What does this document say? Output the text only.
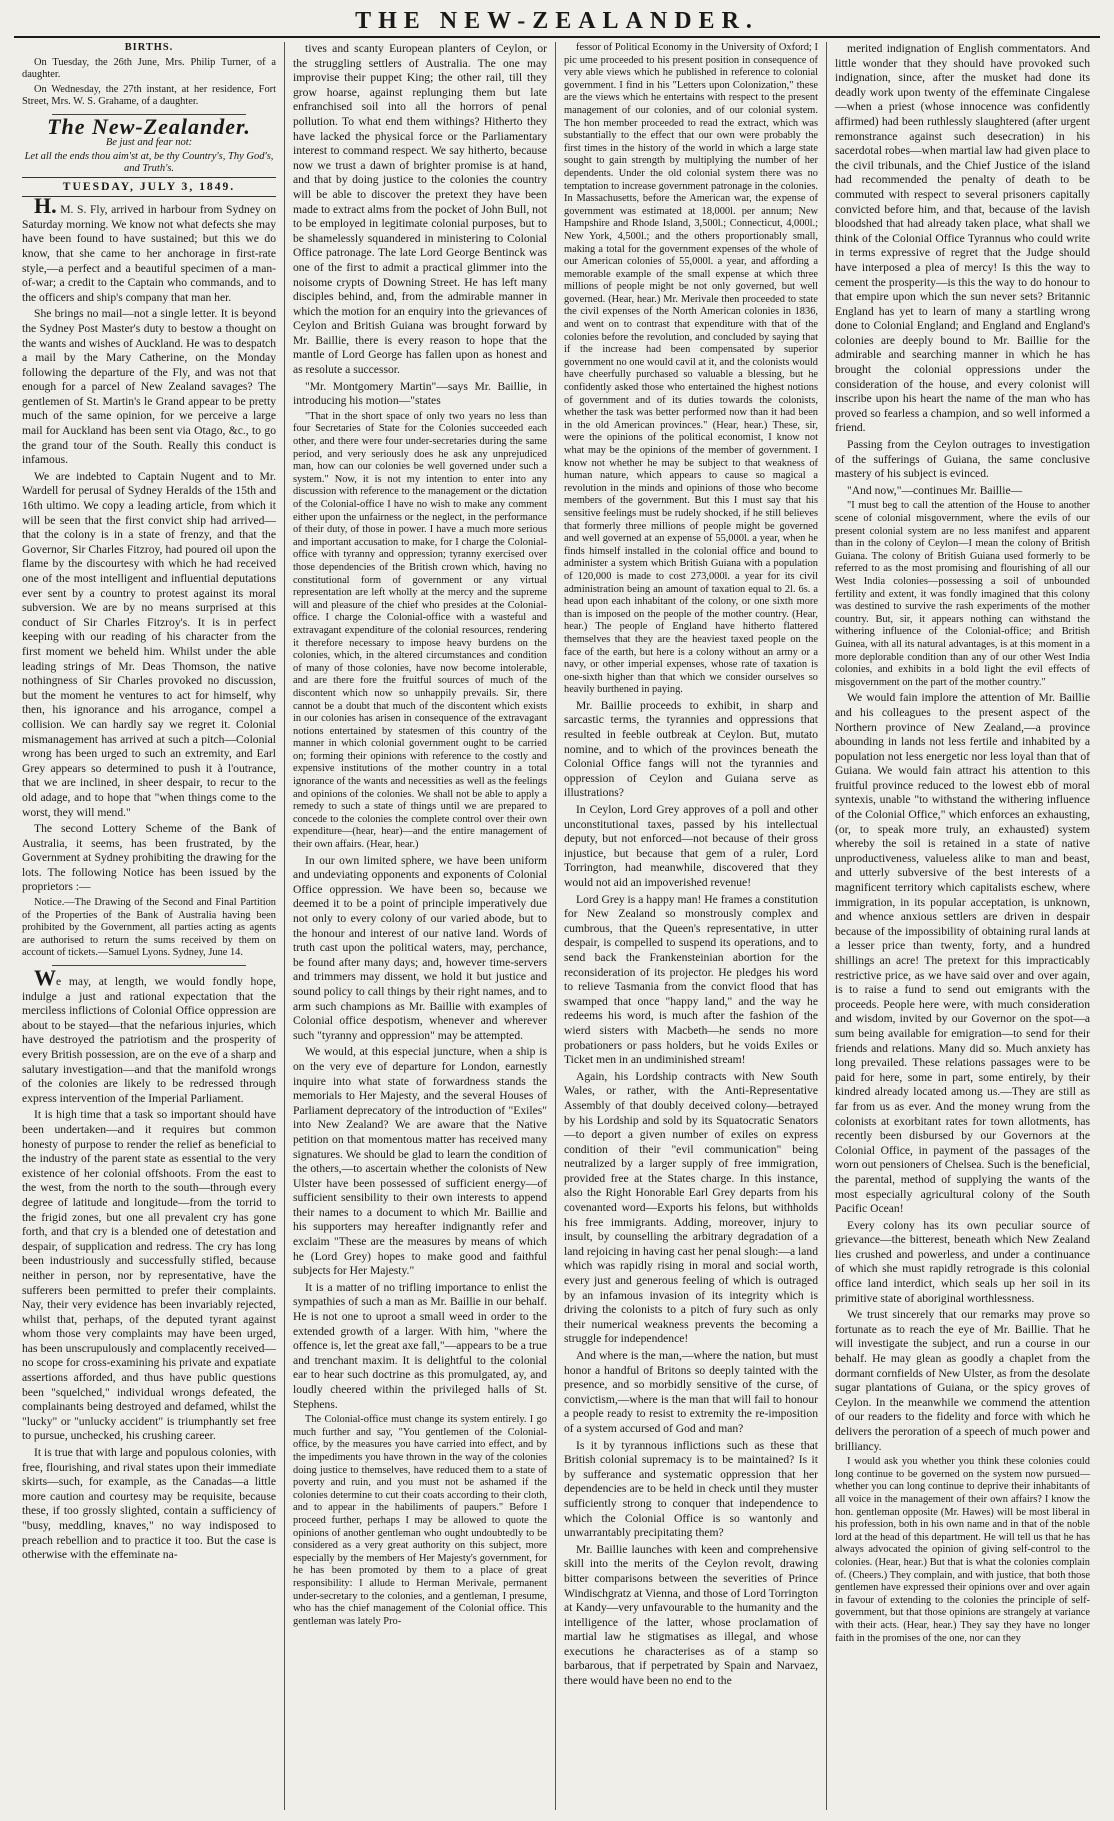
THE NEW-ZEALANDER.

BIRTHS.

On Tuesday, the 26th June, Mrs. Philip Turner, of a daughter.

On Wednesday, the 27th instant, at her residence, Fort Street, Mrs. W. S. Grahame, of a daughter.

The New-Zealander.

Be just and fear not:

Let all the ends thou aim'st at, be thy Country's, Thy God's, and Truth's.

TUESDAY, JULY 3, 1849.

H. M. S. Fly, arrived in harbour from Sydney on Saturday morning. We know not what defects she may have been found to have sustained; but this we do know, that she came to her anchorage in first-rate style,—a perfect and a beautiful specimen of a man-of-war; a credit to the Captain who commands, and to the officers and ship's company that man her.

She brings no mail—not a single letter. It is beyond the Sydney Post Master's duty to bestow a thought on the wants and wishes of Auckland. He was to despatch a mail by the Mary Catherine, on the Monday following the departure of the Fly, and was not that enough for a parcel of New Zealand savages? The gentlemen of St. Martin's le Grand appear to be pretty much of the same opinion, for we perceive a large mail for Auckland has been sent via Otago, &c., to go the grand tour of the South. Really this conduct is infamous.

We are indebted to Captain Nugent and to Mr. Wardell for perusal of Sydney Heralds of the 15th and 16th ultimo. We copy a leading article, from which it will be seen that the first convict ship had arrived—that the colony is in a state of frenzy, and that the Governor, Sir Charles Fitzroy, had poured oil upon the flame by the discourtesy with which he had received one of the most intelligent and influential deputations ever sent by a country to protest against its moral subversion. We are by no means surprised at this conduct of Sir Charles Fitzroy's. It is in perfect keeping with our reading of his character from the first moment we beheld him. Whilst under the able leading strings of Mr. Deas Thomson, the native nothingness of Sir Charles provoked no discussion, but the moment he ventures to act for himself, why then, his ignorance and his arrogance, compel a collision. We can hardly say we regret it. Colonial mismanagement has arrived at such a pitch—Colonial wrong has been urged to such an extremity, and Earl Grey appears so determined to push it à l'outrance, that we are inclined, in sheer despair, to recur to the old adage, and to hope that "when things come to the worst, they will mend."

The second Lottery Scheme of the Bank of Australia, it seems, has been frustrated, by the Government at Sydney prohibiting the drawing for the lots. The following Notice has been issued by the proprietors :—

Notice.—The Drawing of the Second and Final Partition of the Properties of the Bank of Australia having been prohibited by the Government, all parties acting as agents are authorised to return the sums received by them on account of tickets.—Samuel Lyons. Sydney, June 14.

We may, at length, we would fondly hope, indulge a just and rational expectation that the merciless inflictions of Colonial Office oppression are about to be stayed—that the nefarious injuries, which have destroyed the patriotism and the prosperity of every British possession, are on the eve of a sharp and salutary investigation—and that the manifold wrongs of the colonies are likely to be redressed through express intervention of the Imperial Parliament.

It is high time that a task so important should have been undertaken—and it requires but common honesty of purpose to render the relief as beneficial to the industry of the parent state as essential to the very existence of her colonial offshoots. From the east to the west, from the north to the south—through every degree of latitude and longitude—from the torrid to the frigid zones, but one all prevalent cry has gone forth, and that cry is a blended one of detestation and despair, of supplication and redress. The cry has long been industriously and successfully stifled, because neither in person, nor by representative, have the sufferers been permitted to prefer their complaints. Nay, their very evidence has been invariably rejected, whilst that, perhaps, of the deputed tyrant against whom those very complaints may have been urged, has been unscrupulously and complacently received—no scope for cross-examining his private and expatiate assertions afforded, and thus have public questions been "squelched," individual wrongs defeated, the complainants being destroyed and defamed, whilst the "lucky" or "unlucky accident" is triumphantly set free to pursue, unchecked, his crushing career.

It is true that with large and populous colonies, with free, flourishing, and rival states upon their immediate skirts—such, for example, as the Canadas—a little more caution and courtesy may be requisite, because these, if too grossly slighted, contain a sufficiency of "busy, meddling, knaves," no way indisposed to preach rebellion and to practice it too. But the case is otherwise with the effeminate na-

tives and scanty European planters of Ceylon, or the struggling settlers of Australia. The one may improvise their puppet King; the other rail, till they grow hoarse, against replunging them but late enfranchised soil into all the horrors of penal pollution. To what end them withings? Hitherto they have lacked the physical force or the Parliamentary interest to command respect. We say hitherto, because now we trust a dawn of brighter promise is at hand, and that by doing justice to the colonies the country will be able to discover the pretext they have been made to extract alms from the pocket of John Bull, not to be employed in legitimate colonial purposes, but to be shamelessly squandered in ministering to Colonial Office patronage. The late Lord George Bentinck was one of the first to admit a practical glimmer into the noisome crypts of Downing Street. He has left many disciples behind, and, from the admirable manner in which the motion for an enquiry into the grievances of Ceylon and British Guiana was brought forward by Mr. Baillie, there is every reason to hope that the mantle of Lord George has fallen upon as honest and as resolute a successor.

"Mr. Montgomery Martin"—says Mr. Baillie, in introducing his motion—"states

"That in the short space of only two years no less than four Secretaries of State for the Colonies succeeded each other, and there were four under-secretaries during the same period, and very seriously does he ask any unprejudiced man, how can our colonies be well governed under such a system." Now, it is not my intention to enter into any discussion with reference to the management or the dictation of the Colonial-office I have no wish to make any comment either upon the unfairness or the neglect, in the performance of their duty, of those in power. I have a much more serious and important accusation to make, for I charge the Colonial-office with tyranny and oppression; tyranny exercised over those dependencies of the British crown which, having no constitutional form of government or any virtual representation are left wholly at the mercy and the supreme will and pleasure of the chief who presides at the Colonial-office. I charge the Colonial-office with a wasteful and extravagant expenditure of the colonial resources, rendering it therefore necessary to impose heavy burdens on the colonies, which, in the altered circumstances and condition of many of those colonies, have now become intolerable, and are there fore the fruitful sources of much of the discontent which now so unhappily prevails. Sir, there cannot be a doubt that much of the discontent which exists in our colonies has arisen in consequence of the extravagant notions entertained by statesmen of this country of the manner in which colonial government ought to be carried on; forming their opinions with reference to the costly and expensive institutions of the mother country in a total ignorance of the wants and necessities as well as the feelings and opinions of the colonies. We shall not be able to apply a remedy to such a state of things until we are prepared to concede to the colonies the complete control over their own expenditure—(hear, hear)—and the entire management of their own affairs. (Hear, hear.)

In our own limited sphere, we have been uniform and undeviating opponents and exponents of Colonial Office oppression. We have been so, because we deemed it to be a point of principle imperatively due not only to every colony of our varied abode, but to the honour and interest of our native land. Words of truth cast upon the political waters, may, perchance, be found after many days; and, however time-servers and trimmers may dissent, we hold it but justice and sound policy to call things by their right names, and to arm such champions as Mr. Baillie with examples of Colonial office despotism, whenever and wherever such "tyranny and oppression" may be attempted.

We would, at this especial juncture, when a ship is on the very eve of departure for London, earnestly inquire into what state of forwardness stands the memorials to Her Majesty, and the several Houses of Parliament deprecatory of the introduction of "Exiles" into New Zealand? We are aware that the Native petition on that momentous matter has received many signatures. We should be glad to learn the condition of the others,—to ascertain whether the colonists of New Ulster have been possessed of sufficient energy—of sufficient sensibility to their own interests to append their names to a document to which Mr. Baillie and his supporters may hereafter indignantly refer and exclaim "These are the measures by means of which he (Lord Grey) hopes to make good and faithful subjects for Her Majesty."

It is a matter of no trifling importance to enlist the sympathies of such a man as Mr. Baillie in our behalf. He is not one to uproot a small weed in order to the extended growth of a larger. With him, "where the offence is, let the great axe fall,"—appears to be a true and trenchant maxim. It is delightful to the colonial ear to hear such doctrine as this promulgated, ay, and loudly cheered within the privileged halls of St. Stephens.

The Colonial-office must change its system entirely. I go much further and say, "You gentlemen of the Colonial-office, by the measures you have carried into effect, and by the impediments you have thrown in the way of the colonies doing justice to themselves, have reduced them to a state of poverty and ruin, and you must not be ashamed if the colonies determine to cut their coats according to their cloth, and to appear in the habiliments of paupers." Before I proceed further, perhaps I may be allowed to quote the opinions of another gentleman who ought undoubtedly to be considered as a very great authority on this subject, more especially by the members of Her Majesty's government, for he has been promoted by them to a place of great responsibility: I allude to Herman Merivale, permanent under-secretary to the colonies, and a gentleman, I presume, who has the chief management of the Colonial office. This gentleman was lately Pro-

fessor of Political Economy in the University of Oxford; I pic ume proceeded to his present position in consequence of very able views which he published in reference to colonial government. I find in his "Letters upon Colonization," these are the views which he entertains with respect to the present management of our colonies, and of our colonial system. The hon member proceeded to read the extract, which was substantially to the effect that our own were probably the first times in the history of the world in which a large state sought to gain strength by multiplying the number of her dependents. Under the old colonial system there was no temptation to increase government patronage in the colonies. In Massachusetts, before the American war, the expense of government was estimated at 18,000l. per annum; New Hampshire and Rhode Island, 3,500l.; Connecticut, 4,000l.; New York, 4,500l.; and the others proportionably small, making a total for the government expenses of the whole of our American colonies of 55,000l. a year, and affording a memorable example of the small expense at which three millions of people might be not only governed, but well governed. (Hear, hear.) Mr. Merivale then proceeded to state the civil expenses of the North American colonies in 1836, and went on to contrast that expenditure with that of the colonies before the revolution, and concluded by saying that if the increase had been compensated by superior government no one would cavil at it, and the colonists would have cheerfully purchased so valuable a blessing, but he confidently asked those who entertained the highest notions of government and of its duties towards the colonists, whether the task was better performed now than it had been in the old American provinces." (Hear, hear.) These, sir, were the opinions of the political economist, I know not what may be the opinions of the member of government. I know not whether he may be subject to that weakness of human nature, which appears to cause so magical a revolution in the minds and opinions of those who become members of the government. But this I must say that his sensitive feelings must be rudely shocked, if he still believes that formerly three millions of people might be governed and well governed at an expense of 55,000l. a year, when he finds himself installed in the colonial office and bound to administer a system which British Guiana with a population of 120,000 is made to cost 273,000l. a year for its civil administration being an amount of taxation equal to 2l. 6s. a head upon each inhabitant of the colony, or one sixth more than is imposed on the people of the mother country. (Hear, hear.) The people of England have hitherto flattered themselves that they are the heaviest taxed people on the face of the earth, but here is a colony without an army or a navy, or other imperial expenses, whose rate of taxation is one-sixth higher than that which we consider ourselves so heavily burthened in paying.

Mr. Baillie proceeds to exhibit, in sharp and sarcastic terms, the tyrannies and oppressions that resulted in feeble outbreak at Ceylon. But, mutato nomine, and to which of the provinces beneath the Colonial Office fangs will not the tyrannies and oppression of Ceylon and Guiana serve as illustrations?

In Ceylon, Lord Grey approves of a poll and other unconstitutional taxes, passed by his intellectual deputy, but not enforced—not because of their gross injustice, but because that gem of a ruler, Lord Torrington, had meanwhile, discovered that they would not aid an impoverished revenue!

Lord Grey is a happy man! He frames a constitution for New Zealand so monstrously complex and cumbrous, that the Queen's representative, in utter despair, is compelled to suspend its operations, and to send back the Frankensteinian abortion for the reconsideration of its projector. He pledges his word to relieve Tasmania from the convict flood that has swamped that once "happy land," and the way he redeems his word, is much after the fashion of the wierd sisters with Macbeth—he sends no more probationers or pass holders, but he voids Exiles or Ticket men in an undiminished stream!

Again, his Lordship contracts with New South Wales, or rather, with the Anti-Representative Assembly of that doubly deceived colony—betrayed by his Lordship and sold by its Squatocratic Senators—to deport a given number of exiles on express condition of their "evil communication" being neutralized by a larger supply of free immigration, provided free at the States charge. In this instance, also the Right Honorable Earl Grey departs from his covenanted word—Exports his felons, but withholds his free immigrants. Adding, moreover, injury to insult, by counselling the arbitrary degradation of a land rejoicing in having cast her penal slough:—a land which was rapidly rising in moral and social worth, every just and generous feeling of which is outraged by an infamous invasion of its integrity which is driving the colonists to a pitch of fury such as only their numerical weakness prevents the becoming a struggle for independence!

And where is the man,—where the nation, but must honor a handful of Britons so deeply tainted with the presence, and so morbidly sensitive of the curse, of convictism,—where is the man that will fail to honour a people ready to resist to extremity the re-imposition of a system accursed of God and man?

Is it by tyrannous inflictions such as these that British colonial supremacy is to be maintained? Is it by sufferance and systematic oppression that her dependencies are to be held in check until they muster sufficiently strong to conquer that independence to which the Colonial Office is so wantonly and unwarrantably precipitating them?

Mr. Baillie launches with keen and comprehensive skill into the merits of the Ceylon revolt, drawing bitter comparisons between the severities of Prince Windischgratz at Vienna, and those of Lord Torrington at Kandy—very unfavourable to the humanity and the intelligence of the latter, whose proclamation of martial law he stigmatises as illegal, and whose executions he characterises as of a stamp so barbarous, that if perpetrated by Spain and Narvaez, there would have been no end to the

merited indignation of English commentators. And little wonder that they should have provoked such indignation, since, after the musket had done its deadly work upon twenty of the effeminate Cingalese—when a priest (whose innocence was confidently affirmed) had been ruthlessly slaughtered (after urgent remonstrance against such desecration) in his sacerdotal robes—when martial law had given place to the civil tribunals, and the Chief Justice of the island had recommended the penalty of death to be commuted with respect to several prisoners capitally convicted before him, and that, because of the lavish bloodshed that had already taken place, what shall we think of the Colonial Office Tyrannus who could write in terms expressive of regret that the Judge should have interposed a plea of mercy! Is this the way to cement the prosperity—is this the way to do honour to that empire upon which the sun never sets? Britannic England has yet to learn of many a startling wrong done to Colonial England; and England and England's colonies are deeply bound to Mr. Baillie for the admirable and searching manner in which he has brought the colonial oppressions under the consideration of the house, and every colonist will inscribe upon his heart the name of the man who has proved so fearless a champion, and so well informed a friend.

Passing from the Ceylon outrages to investigation of the sufferings of Guiana, the same conclusive mastery of his subject is evinced.

"And now,"—continues Mr. Baillie—

"I must beg to call the attention of the House to another scene of colonial misgovernment, where the evils of our present colonial system are no less manifest and apparent than in the colony of Ceylon—I mean the colony of British Guiana. The colony of British Guiana used formerly to be referred to as the most promising and flourishing of all our West India colonies—possessing a soil of unbounded fertility and extent, it was fondly imagined that this colony was destined to survive the rash experiments of the mother country. But, sir, it appears nothing can withstand the withering influence of the Colonial-office; and British Guinea, with all its natural advantages, is at this moment in a more deplorable condition than any of our other West India colonies, and exhibits in a bold light the evil effects of misgovernment on the part of the mother country."

We would fain implore the attention of Mr. Baillie and his colleagues to the present aspect of the Northern province of New Zealand,—a province abounding in lands not less fertile and inhabited by a population not less energetic nor less loyal than that of Guiana. We would fain attract his attention to this fruitful province reduced to the lowest ebb of moral syntexis, unable "to withstand the withering influence of the Colonial Office," which enforces an exhausting, (or, to speak more truly, an exhausted) system whereby the soil is retained in a state of native unproductiveness, valueless alike to man and beast, and utterly subversive of the best interests of a magnificent territory which capitalists eschew, where immigration, in its popular acceptation, is unknown, and whence anxious settlers are driven in despair because of the impossibility of obtaining rural lands at a lesser price than twenty, forty, and a hundred shillings an acre! The pretext for this impracticably restrictive price, as we have said over and over again, is to raise a fund to send out emigrants with the proceeds. People here were, with much consideration and wisdom, invited by our Governor on the spot—a sum being available for emigration—to send for their friends and relations. Many did so. Much anxiety has long prevailed. These relations passages were to be paid for here, some in part, some entirely, by their kindred already located among us.—They are still as far from us as ever. And the money wrung from the colonists at exorbitant rates for town allotments, has recently been disbursed by our Governors at the Colonial Office, in payment of the passages of the worn out pensioners of Chelsea. Such is the beneficial, the parental, method of supplying the wants of the most especially agricultural colony of the South Pacific Ocean!

Every colony has its own peculiar source of grievance—the bitterest, beneath which New Zealand lies crushed and powerless, and under a continuance of which she must rapidly retrograde is this colonial office land interdict, which seals up her soil in its primitive state of aboriginal worthlessness.

We trust sincerely that our remarks may prove so fortunate as to reach the eye of Mr. Baillie. That he will investigate the subject, and run a course in our behalf. He may glean as goodly a chaplet from the dormant cornfields of New Ulster, as from the desolate sugar plantations of Guiana, or the spicy groves of Ceylon. In the meanwhile we commend the attention of our readers to the fidelity and force with which he delivers the peroration of a speech of much power and brilliancy.

I would ask you whether you think these colonies could long continue to be governed on the system now pursued—whether you can long continue to deprive their inhabitants of all voice in the management of their own affairs? I know the hon. gentleman opposite (Mr. Hawes) will be most liberal in his profession, both in his own name and in that of the noble lord at the head of this department. He will tell us that he has always advocated the opinion of giving self-control to the colonies. (Hear, hear.) But that is what the colonies complain of. (Cheers.) They complain, and with justice, that both those gentlemen have expressed their opinions over and over again in favour of extending to the colonies the principle of self-government, but that those opinions are strangely at variance with their acts. (Hear, hear.) They say they have no longer faith in the promises of the one, nor can they
